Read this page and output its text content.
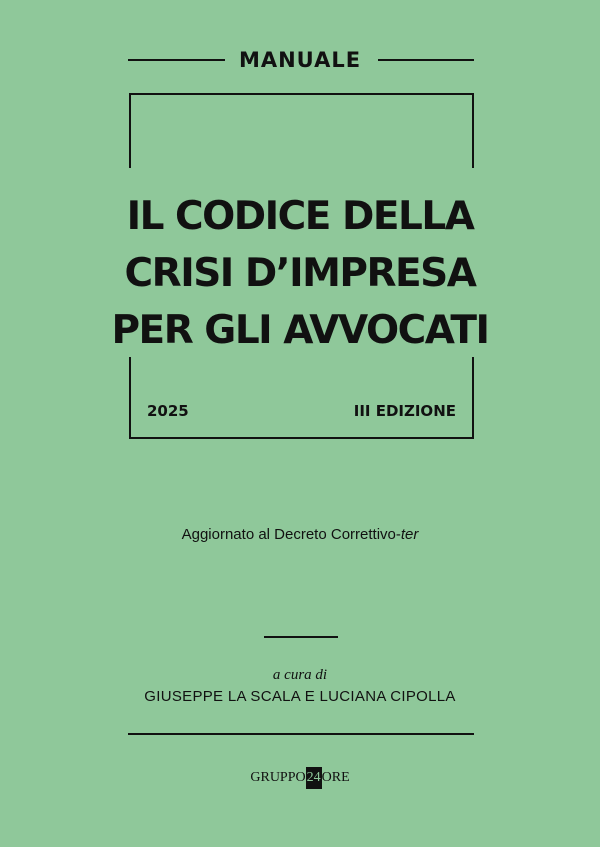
MANUALE
IL CODICE DELLA
CRISI D’IMPRESA
PER GLI AVVOCATI
2025	III EDIZIONE
Aggiornato al Decreto Correttivo-ter
a cura di
GIUSEPPE LA SCALA E LUCIANA CIPOLLA
GRUPPO24ORE
